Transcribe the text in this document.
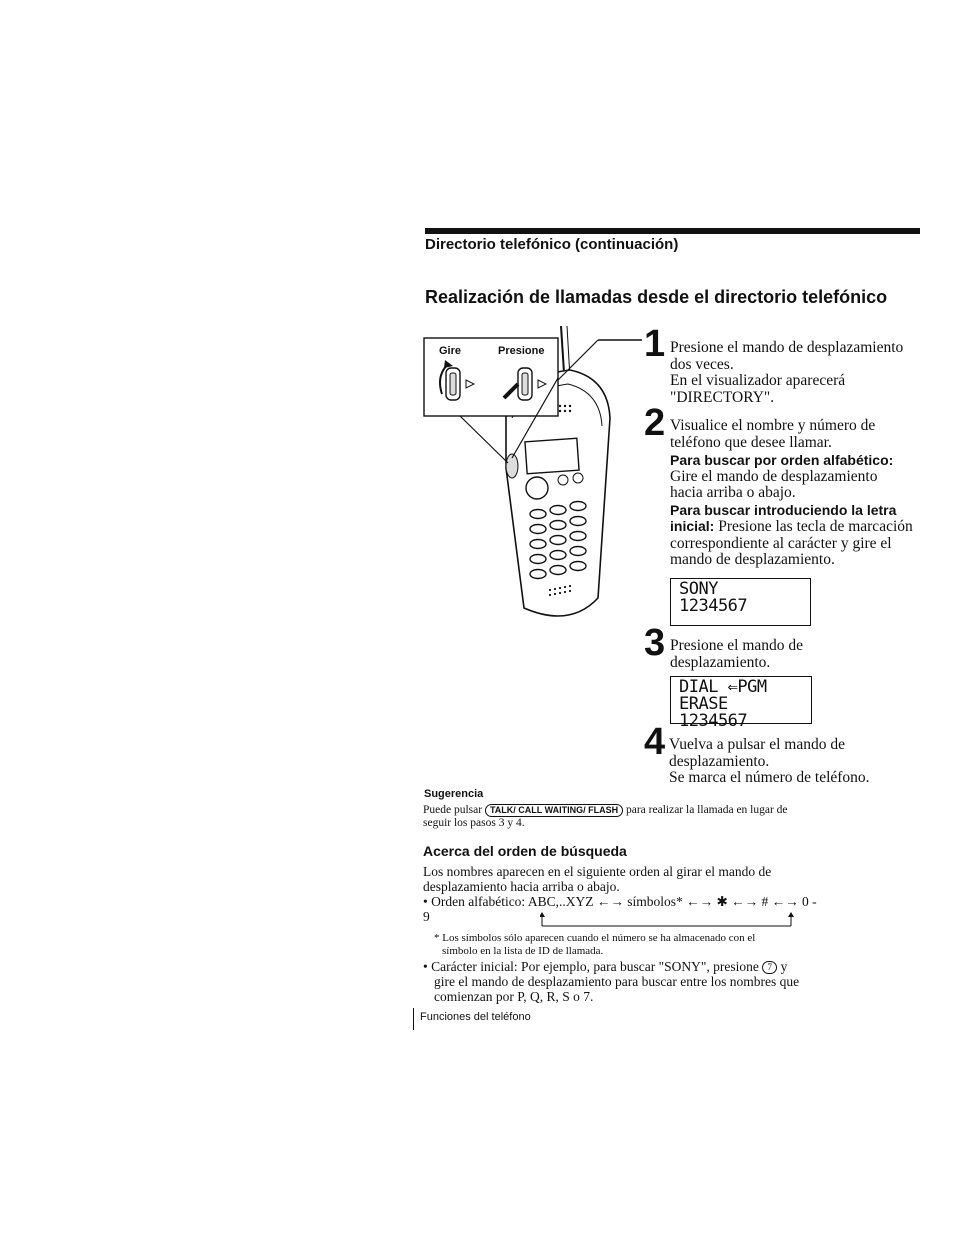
Directorio telefónico (continuación)
Realización de llamadas desde el directorio telefónico
Gire	Presione	1 Presione el mando de desplazamiento
dos veces.
En el visualizador aparecerá
"DIRECTORY".
2 Visualice el nombre y número de
teléfono que desee llamar.
Para buscar por orden alfabético:
Gire el mando de desplazamiento
hacia arriba o abajo.
Para buscar introduciendo la letra
inicial: Presione las tecla de marcación
correspondiente al carácter y gire el
mando de desplazamiento.
SONY
1234567
3 Presione el mando de
desplazamiento.
DIAL ⇐PGM ERASE
1234567
4 Vuelva a pulsar el mando de
desplazamiento.
Se marca el número de teléfono.
Sugerencia
Puede pulsar TALK/ CALL WAITING/ FLASH para realizar la llamada en lugar de
seguir los pasos 3 y 4.
Acerca del orden de búsqueda
Los nombres aparecen en el siguiente orden al girar el mando de
desplazamiento hacia arriba o abajo.
• Orden alfabético: ABC,..XYZ ←→ símbolos* ←→ ✱ ←→ # ←→ 0 - 9
* Los símbolos sólo aparecen cuando el número se ha almacenado con el
símbolo en la lista de ID de llamada.
• Carácter inicial: Por ejemplo, para buscar "SONY", presione 7 y
gire el mando de desplazamiento para buscar entre los nombres que
comienzan por P, Q, R, S o 7.
Funciones del teléfono
